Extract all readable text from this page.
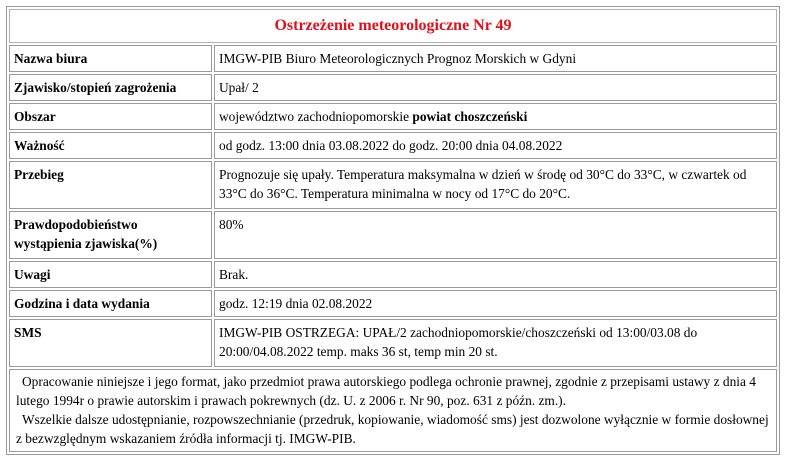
Ostrzeżenie meteorologiczne Nr 49
Nazwa biura	IMGW-PIB Biuro Meteorologicznych Prognoz Morskich w Gdyni
Zjawisko/stopień zagrożenia	Upał/ 2
Obszar	województwo zachodniopomorskie powiat choszczeński
Ważność	od godz. 13:00 dnia 03.08.2022 do godz. 20:00 dnia 04.08.2022
Przebieg	Prognozuje się upały. Temperatura maksymalna w dzień w środę od 30°C do 33°C, w czwartek od 33°C do 36°C. Temperatura minimalna w nocy od 17°C do 20°C.
Prawdopodobieństwo wystąpienia zjawiska(%)	80%
Uwagi	Brak.
Godzina i data wydania	godz. 12:19 dnia 02.08.2022
SMS	IMGW-PIB OSTRZEGA: UPAŁ/2 zachodniopomorskie/choszczeński od 13:00/03.08 do 20:00/04.08.2022 temp. maks 36 st, temp min 20 st.

Opracowanie niniejsze i jego format, jako przedmiot prawa autorskiego podlega ochronie prawnej, zgodnie z przepisami ustawy z dnia 4 lutego 1994r o prawie autorskim i prawach pokrewnych (dz. U. z 2006 r. Nr 90, poz. 631 z późn. zm.).

Wszelkie dalsze udostępnianie, rozpowszechnianie (przedruk, kopiowanie, wiadomość sms) jest dozwolone wyłącznie w formie dosłownej z bezwzględnym wskazaniem źródła informacji tj. IMGW-PIB.
